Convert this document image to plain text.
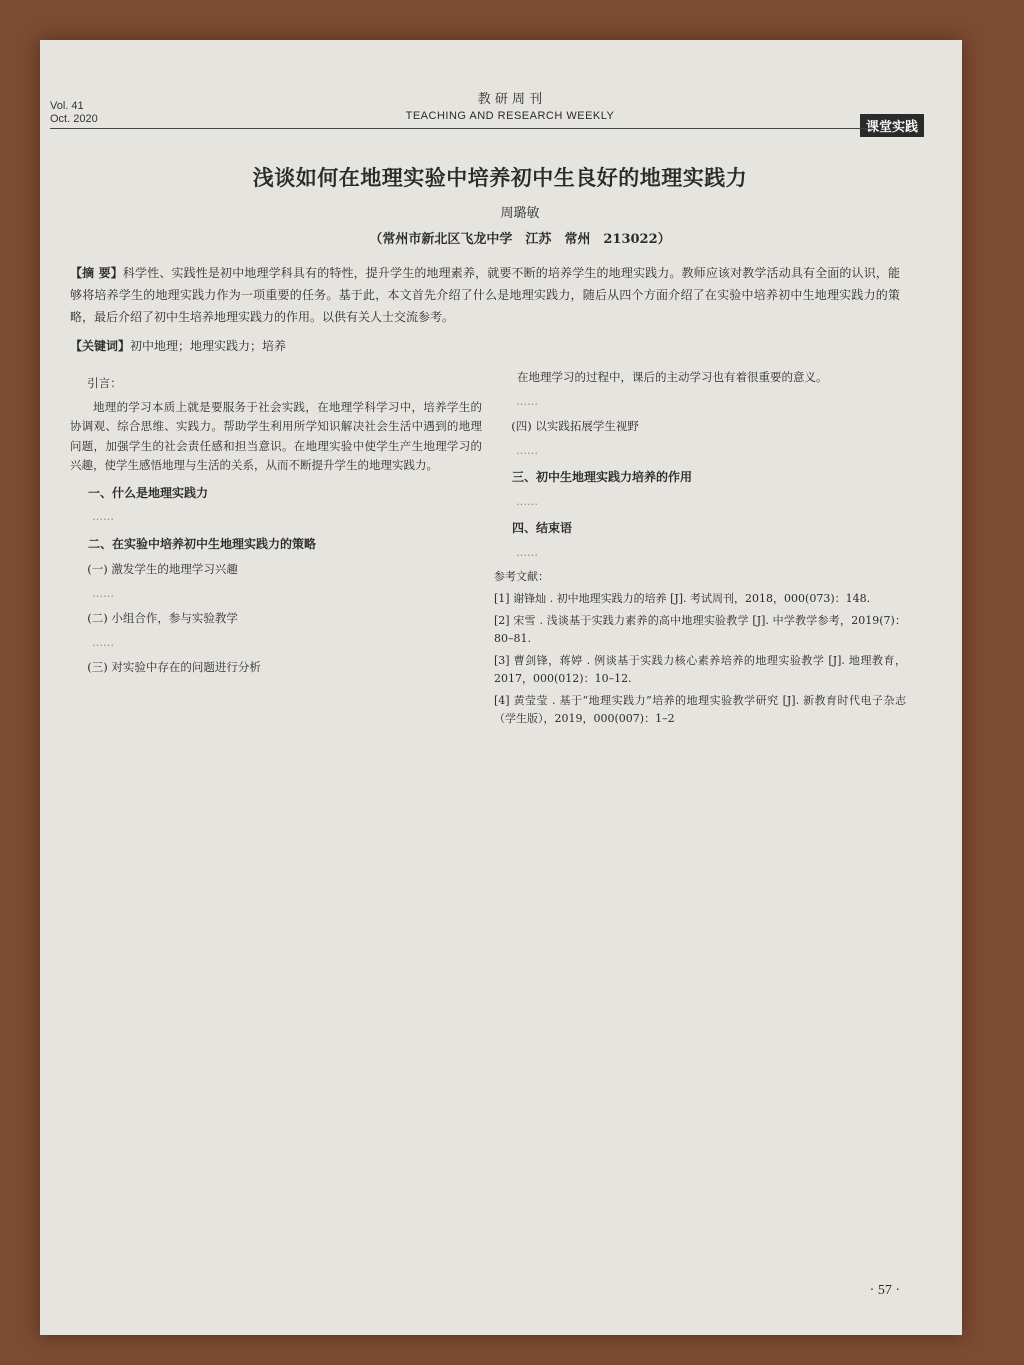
Vol. 41
Oct. 2020
教 研 周 刊
TEACHING AND RESEARCH WEEKLY
课堂实践
浅谈如何在地理实验中培养初中生良好的地理实践力
周璐敏
（常州市新北区飞龙中学　江苏　常州　213022）
【摘 要】科学性、实践性是初中地理学科具有的特性，提升学生的地理素养，就要不断的培养学生的地理实践力。教师应该对教学活动具有全面的认识，能够将培养学生的地理实践力作为一项重要的任务。基于此，本文首先介绍了什么是地理实践力，随后从四个方面介绍了在实验中培养初中生地理实践力的策略，最后介绍了初中生培养地理实践力的作用。以供有关人士交流参考。
【关键词】初中地理；地理实践力；培养
引言：

地理的学习本质上就是要服务于社会实践，在地理学科学习中，培养学生的协调观、综合思维、实践力。帮助学生利用所学知识解决社会生活中遇到的地理问题，加强学生的社会责任感和担当意识。在地理实验中使学生产生地理学习的兴趣，使学生感悟地理与生活的关系，从而不断提升学生的地理实践力。

一、什么是地理实践力
……
二、在实验中培养初中生地理实践力的策略
(一) 激发学生的地理学习兴趣
……
(二) 小组合作，参与实验教学
……
(三) 对实验中存在的问题进行分析

在地理学习的过程中，课后的主动学习也有着很重要的意义。

……
(四) 以实践拓展学生视野
……
三、初中生地理实践力培养的作用
……
四、结束语
……
参考文献：
[1] 谢锋灿 . 初中地理实践力的培养 [J]. 考试周刊，2018，000(073)：148.
[2] 宋雪 . 浅谈基于实践力素养的高中地理实验教学 [J]. 中学教学参考，2019(7)：80–81.
[3] 曹剑锋，蒋婷 . 例谈基于实践力核心素养培养的地理实验教学 [J]. 地理教育，2017，000(012)：10–12.
[4] 黄莹莹 . 基于“地理实践力”培养的地理实验教学研究 [J]. 新教育时代电子杂志（学生版），2019，000(007)：1–2
· 57 ·
